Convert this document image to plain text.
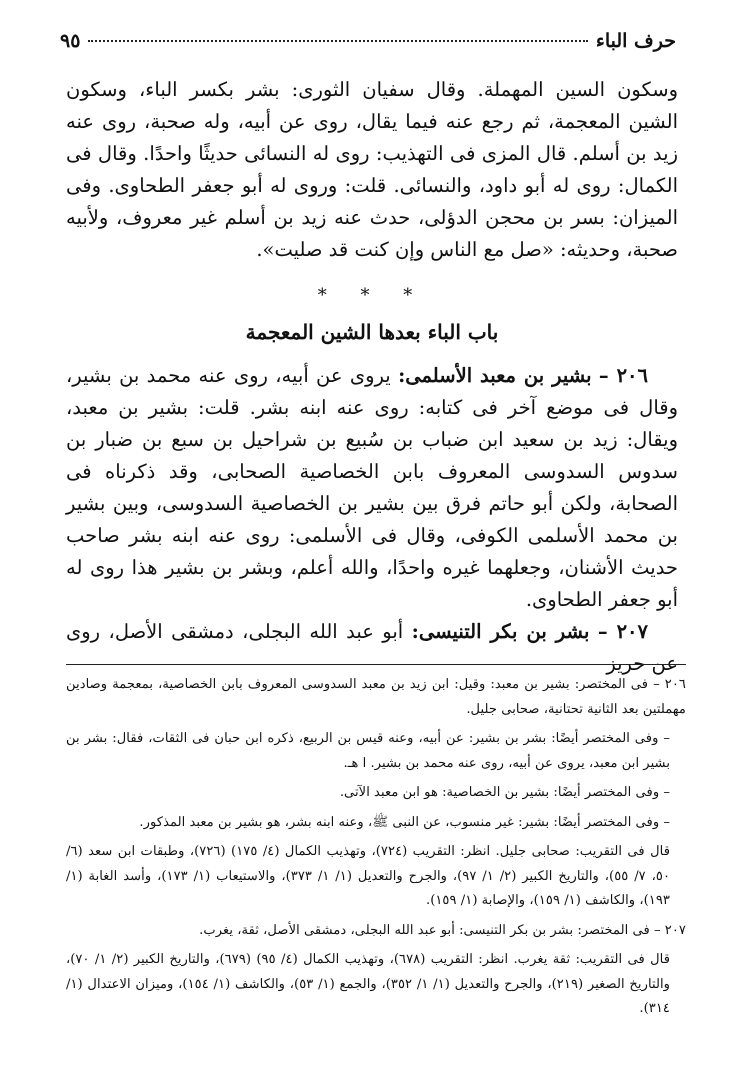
حرف الباء
٩٥

وسكون السين المهملة. وقال سفيان الثورى: بشر بكسر الباء، وسكون الشين المعجمة، ثم رجع عنه فيما يقال، روى عن أبيه، وله صحبة، روى عنه زيد بن أسلم. قال المزى فى التهذيب: روى له النسائى حديثًا واحدًا. وقال فى الكمال: روى له أبو داود، والنسائى. قلت: وروى له أبو جعفر الطحاوى. وفى الميزان: بسر بن محجن الدؤلى، حدث عنه زيد بن أسلم غير معروف، ولأبيه صحبة، وحديثه: «صل مع الناس وإن كنت قد صليت».

* * *
باب الباء بعدها الشين المعجمة

٢٠٦ – بشير بن معبد الأسلمى: يروى عن أبيه، روى عنه محمد بن بشير، وقال فى موضع آخر فى كتابه: روى عنه ابنه بشر. قلت: بشير بن معبد، ويقال: زيد بن سعيد ابن ضباب بن سُبيع بن شراحيل بن سبع بن ضبار بن سدوس السدوسى المعروف بابن الخصاصية الصحابى، وقد ذكرناه فى الصحابة، ولكن أبو حاتم فرق بين بشير بن الخصاصية السدوسى، وبين بشير بن محمد الأسلمى الكوفى، وقال فى الأسلمى: روى عنه ابنه بشر صاحب حديث الأشنان، وجعلهما غيره واحدًا، والله أعلم، وبشر بن بشير هذا روى له أبو جعفر الطحاوى.

٢٠٧ – بشر بن بكر التنيسى: أبو عبد الله البجلى، دمشقى الأصل، روى عن حريز

٢٠٦ – فى المختصر: بشير بن معبد: وقيل: ابن زيد بن معبد السدوسى المعروف بابن الخصاصية، بمعجمة وصادين مهملتين بعد الثانية تحتانية، صحابى جليل.

– وفى المختصر أيضًا: بشر بن بشير: عن أبيه، وعنه قيس بن الربيع، ذكره ابن حبان فى الثقات، فقال: بشر بن بشير ابن معبد، يروى عن أبيه، روى عنه محمد بن بشير. ا هـ.

– وفى المختصر أيضًا: بشير بن الخصاصية: هو ابن معبد الآتى.

– وفى المختصر أيضًا: بشير: غير منسوب، عن النبى ﷺ، وعنه ابنه بشر، هو بشير بن معبد المذكور.

قال فى التقريب: صحابى جليل. انظر: التقريب (٧٢٤)، وتهذيب الكمال (٤/ ١٧٥) (٧٢٦)، وطبقات ابن سعد (٦/ ٥٠، ٧/ ٥٥)، والتاريخ الكبير (٢/ ١/ ٩٧)، والجرح والتعديل (١/ ١/ ٣٧٣)، والاستيعاب (١/ ١٧٣)، وأسد الغابة (١/ ١٩٣)، والكاشف (١/ ١٥٩)، والإصابة (١/ ١٥٩).

٢٠٧ – فى المختصر: بشر بن بكر التنيسى: أبو عبد الله البجلى، دمشقى الأصل، ثقة، يغرب.

قال فى التقريب: ثقة يغرب. انظر: التقريب (٦٧٨)، وتهذيب الكمال (٤/ ٩٥) (٦٧٩)، والتاريخ الكبير (٢/ ١/ ٧٠)، والتاريخ الصغير (٢١٩)، والجرح والتعديل (١/ ١/ ٣٥٢)، والجمع (١/ ٥٣)، والكاشف (١/ ١٥٤)، وميزان الاعتدال (١/ ٣١٤).
